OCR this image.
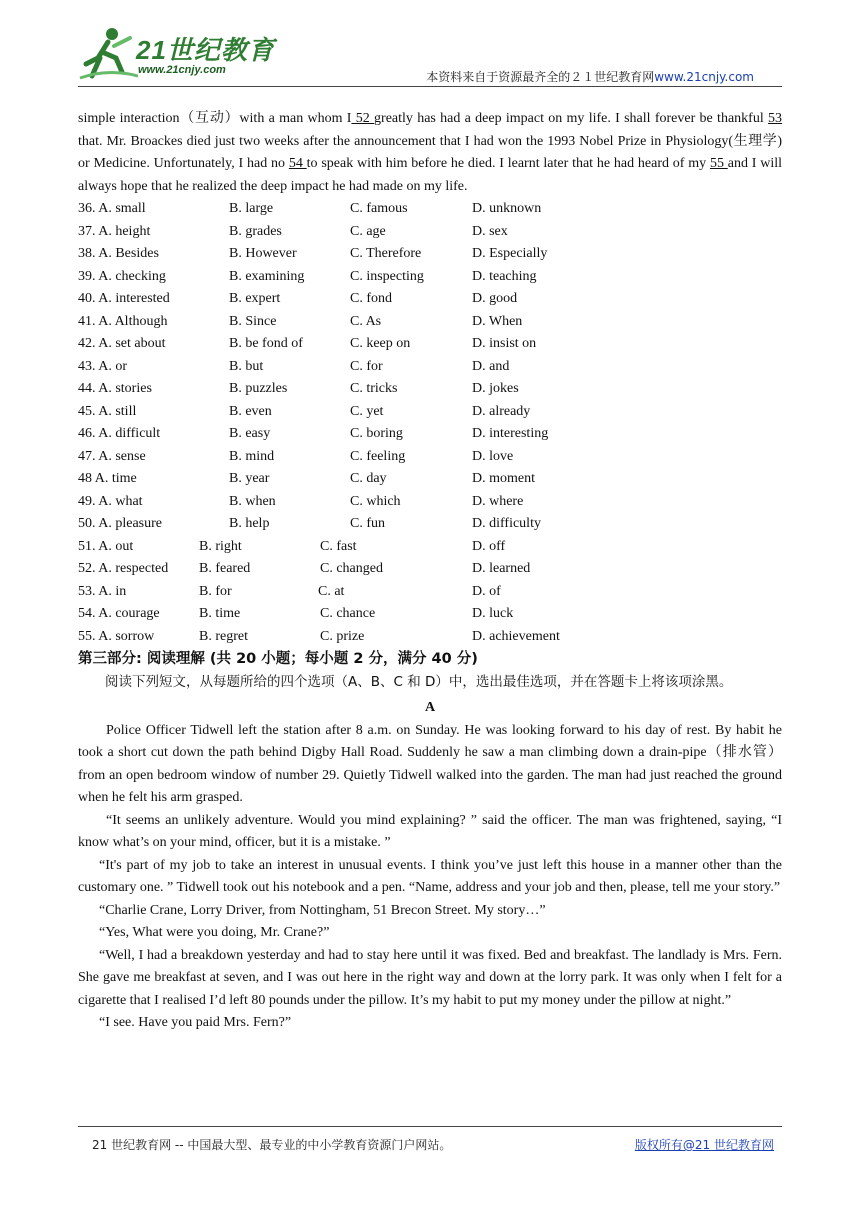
21世纪教育
www.21cnjy.com	本资料来自于资源最齐全的２１世纪教育网www.21cnjy.com

simple interaction（互动）with a man whom I 52 greatly has had a deep impact on my life. I shall forever be thankful 53 that. Mr. Broackes died just two weeks after the announcement that I had won the 1993 Nobel Prize in Physiology(生理学) or Medicine. Unfortunately, I had no 54 to speak with him before he died. I learnt later that he had heard of my 55 and I will always hope that he realized the deep impact he had made on my life.

36. A. small	B. large	C. famous	D. unknown
37. A. height	B. grades	C. age	D. sex
38. A. Besides	B. However	C. Therefore	D. Especially
39. A. checking	B. examining	C. inspecting	D. teaching
40. A. interested	B. expert	C. fond	D. good
41. A. Although	B. Since	C. As	D. When
42. A. set about	B. be fond of	C. keep on	D. insist on
43. A. or	B. but	C. for	D. and
44. A. stories	B. puzzles	C. tricks	D. jokes
45. A. still	B. even	C. yet	D. already
46. A. difficult	B. easy	C. boring	D. interesting
47. A. sense	B. mind	C. feeling	D. love
48 A. time	B. year	C. day	D. moment
49. A. what	B. when	C. which	D. where
50. A. pleasure	B. help	C. fun	D. difficulty
51. A. out	B. right	C. fast	D. off
52. A. respected B. feared	C. changed	D. learned
53. A. in	B. for	C. at	D. of
54. A. courage	B. time	C. chance	D. luck
55. A. sorrow	B. regret	C. prize	D. achievement

第三部分: 阅读理解 (共 20 小题；每小题 2 分，满分 40 分)

阅读下列短文，从每题所给的四个选项（A、B、C 和 D）中，选出最佳选项，并在答题卡上将该项涂黑。

A

Police Officer Tidwell left the station after 8 a.m. on Sunday. He was looking forward to his day of rest. By habit he took a short cut down the path behind Digby Hall Road. Suddenly he saw a man climbing down a drain-pipe（排水管）from an open bedroom window of number 29. Quietly Tidwell walked into the garden. The man had just reached the ground when he felt his arm grasped.

“It seems an unlikely adventure. Would you mind explaining? ” said the officer. The man was frightened, saying, “I know what’s on your mind, officer, but it is a mistake. ”

“It's part of my job to take an interest in unusual events. I think you’ve just left this house in a manner other than the customary one. ” Tidwell took out his notebook and a pen. “Name, address and your job and then, please, tell me your story.”

“Charlie Crane, Lorry Driver, from Nottingham, 51 Brecon Street. My story…”

“Yes, What were you doing, Mr. Crane?”

“Well, I had a breakdown yesterday and had to stay here until it was fixed. Bed and breakfast. The landlady is Mrs. Fern. She gave me breakfast at seven, and I was out here in the right way and down at the lorry park. It was only when I felt for a cigarette that I realised I’d left 80 pounds under the pillow. It’s my habit to put my money under the pillow at night.”

“I see. Have you paid Mrs. Fern?”

21 世纪教育网 -- 中国最大型、最专业的中小学教育资源门户网站。	版权所有@21 世纪教育网
